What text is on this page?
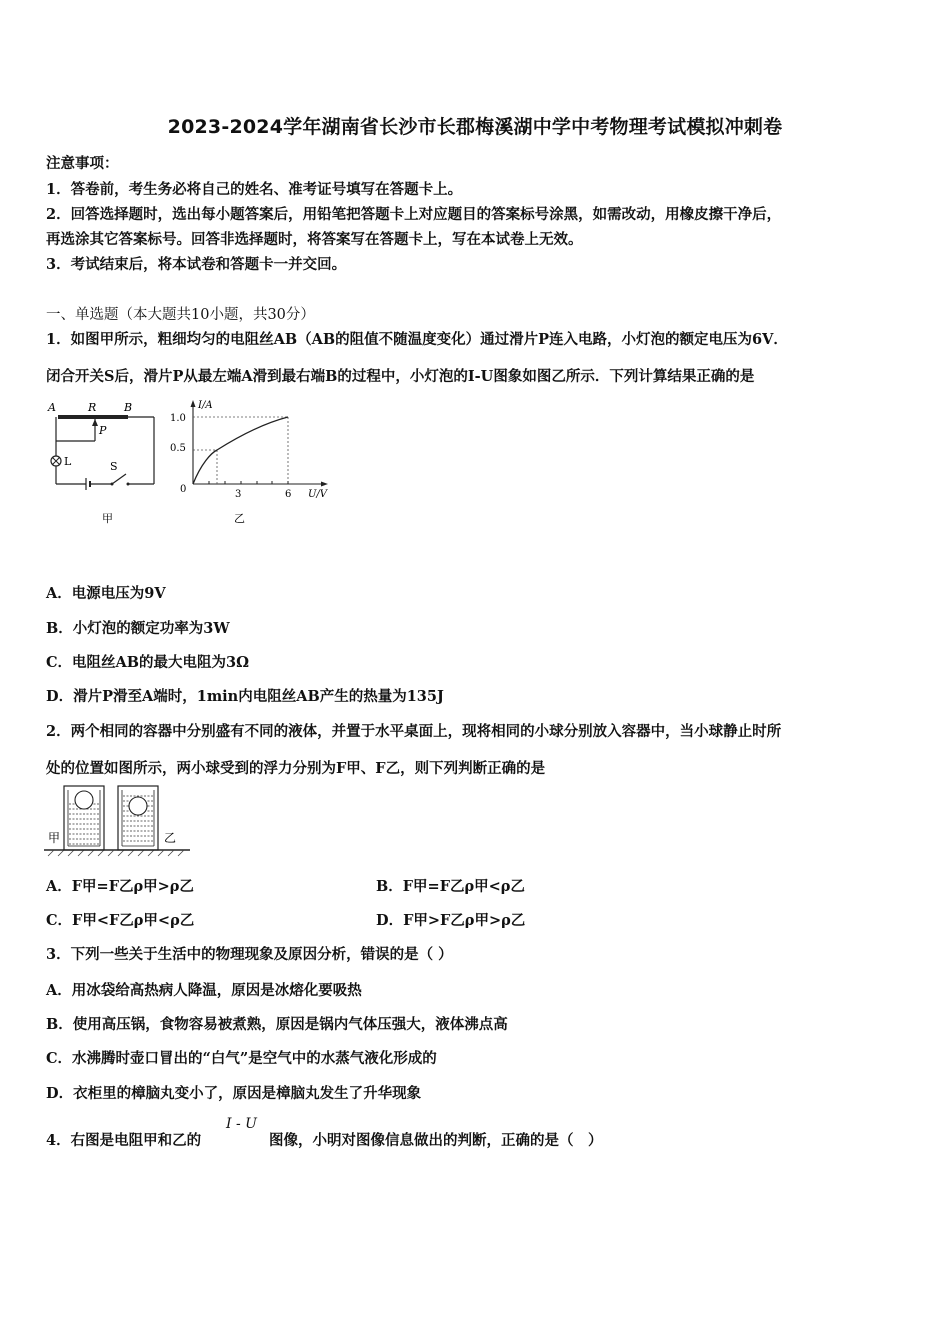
2023-2024学年湖南省长沙市长郡梅溪湖中学中考物理考试模拟冲刺卷
注意事项：
1．答卷前，考生务必将自己的姓名、准考证号填写在答题卡上。
2．回答选择题时，选出每小题答案后，用铅笔把答题卡上对应题目的答案标号涂黑，如需改动，用橡皮擦干净后，
再选涂其它答案标号。回答非选择题时，将答案写在答题卡上，写在本试卷上无效。
3．考试结束后，将本试卷和答题卡一并交回。
一、单选题（本大题共10小题，共30分）
1．如图甲所示，粗细均匀的电阻丝AB（AB的阻值不随温度变化）通过滑片P连入电路，小灯泡的额定电压为6V．
闭合开关S后，滑片P从最左端A滑到最右端B的过程中，小灯泡的I-U图象如图乙所示．下列计算结果正确的是
A	R	B
P
L	S
甲
I/A
U/V
1.0
0.5
0	3	6
乙
A．电源电压为9V
B．小灯泡的额定功率为3W
C．电阻丝AB的最大电阻为3Ω
D．滑片P滑至A端时，1min内电阻丝AB产生的热量为135J
2．两个相同的容器中分别盛有不同的液体，并置于水平桌面上，现将相同的小球分别放入容器中，当小球静止时所
处的位置如图所示，两小球受到的浮力分别为F甲、F乙，则下列判断正确的是
甲	乙
A．F甲=F乙ρ甲>ρ乙	B．F甲=F乙ρ甲<ρ乙
C．F甲<F乙ρ甲<ρ乙	D．F甲>F乙ρ甲>ρ乙
3．下列一些关于生活中的物理现象及原因分析，错误的是（ ）
A．用冰袋给高热病人降温，原因是冰熔化要吸热
B．使用高压锅，食物容易被煮熟，原因是锅内气体压强大，液体沸点高
C．水沸腾时壶口冒出的“白气”是空气中的水蒸气液化形成的
D．衣柜里的樟脑丸变小了，原因是樟脑丸发生了升华现象
4．右图是电阻甲和乙的
I - U
图像，小明对图像信息做出的判断，正确的是（　）
